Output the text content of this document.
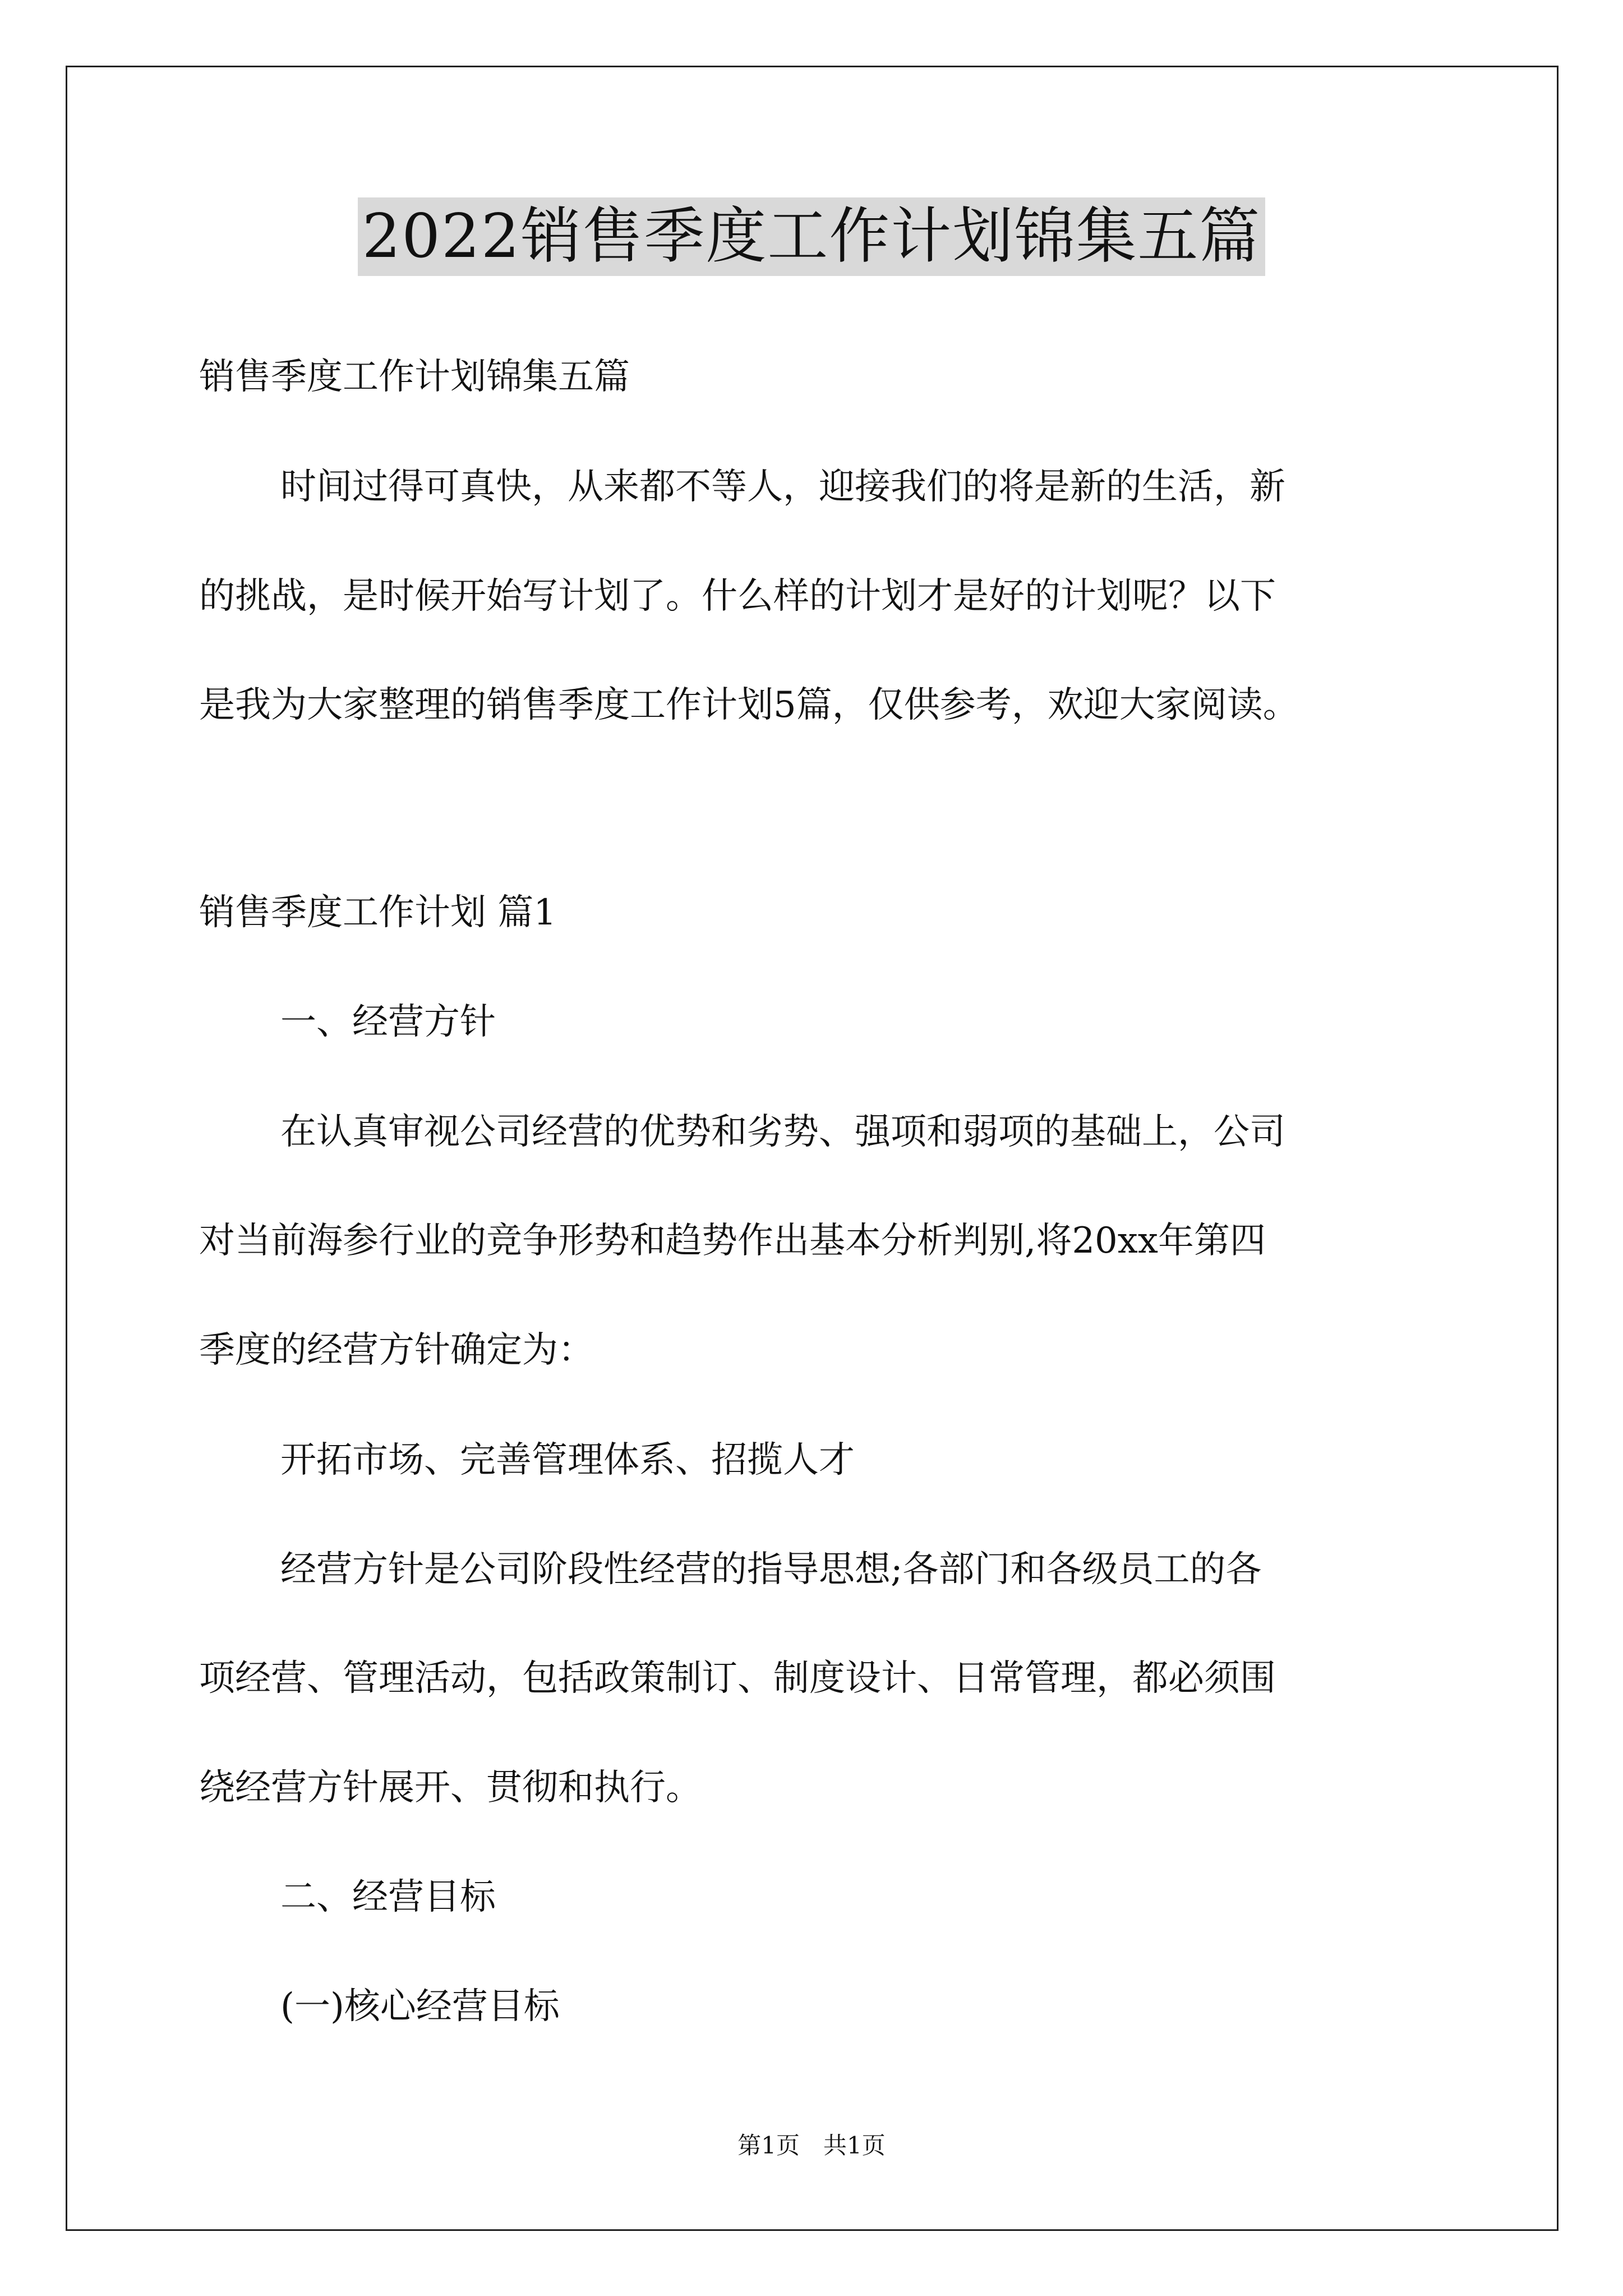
2022销售季度工作计划锦集五篇

销售季度工作计划锦集五篇

时间过得可真快，从来都不等人，迎接我们的将是新的生活，新

的挑战，是时候开始写计划了。什么样的计划才是好的计划呢？以下

是我为大家整理的销售季度工作计划5篇，仅供参考，欢迎大家阅读。

销售季度工作计划 篇1

一、经营方针

在认真审视公司经营的优势和劣势、强项和弱项的基础上，公司

对当前海参行业的竞争形势和趋势作出基本分析判别,将20xx年第四

季度的经营方针确定为：

开拓市场、完善管理体系、招揽人才

经营方针是公司阶段性经营的指导思想;各部门和各级员工的各

项经营、管理活动，包括政策制订、制度设计、日常管理，都必须围

绕经营方针展开、贯彻和执行。

二、经营目标

(一)核心经营目标

第1页　共1页
